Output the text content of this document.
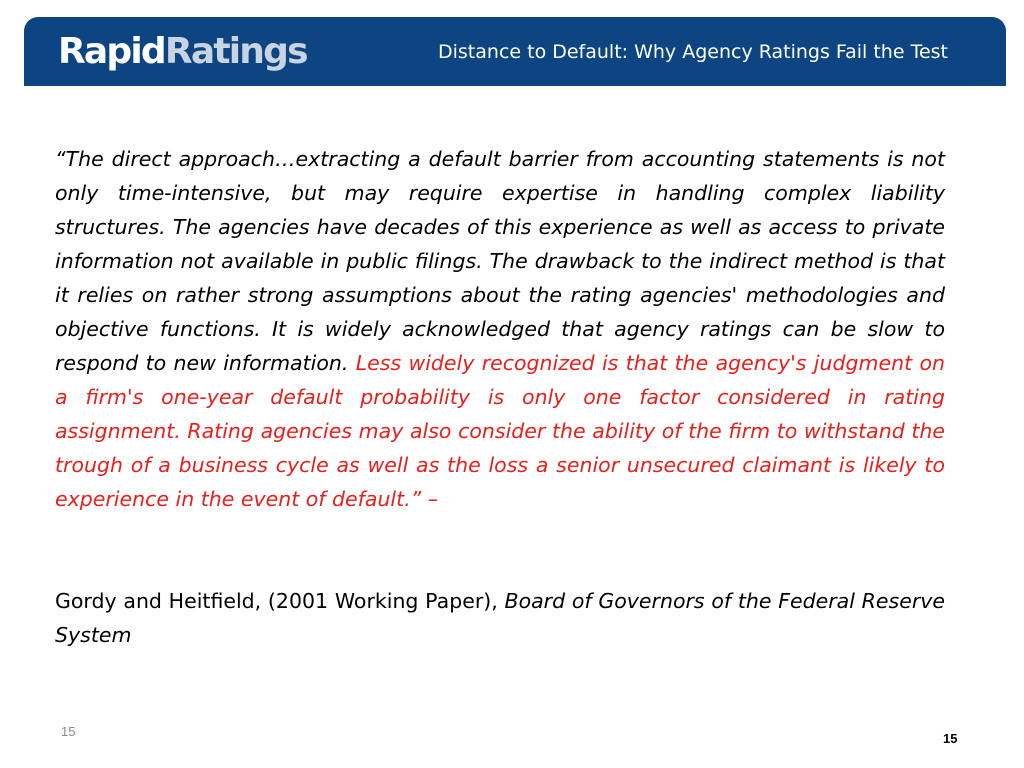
RapidRatings	Distance to Default: Why Agency Ratings Fail the Test

“The direct approach…extracting a default barrier from accounting statements is not only time-intensive, but may require expertise in handling complex liability structures. The agencies have decades of this experience as well as access to private information not available in public filings. The drawback to the indirect method is that it relies on rather strong assumptions about the rating agencies' methodologies and objective functions. It is widely acknowledged that agency ratings can be slow to respond to new information. Less widely recognized is that the agency's judgment on a firm's one-year default probability is only one factor considered in rating assignment. Rating agencies may also consider the ability of the firm to withstand the trough of a business cycle as well as the loss a senior unsecured claimant is likely to experience in the event of default.” –

Gordy and Heitfield, (2001 Working Paper), Board of Governors of the Federal Reserve System

15	15
